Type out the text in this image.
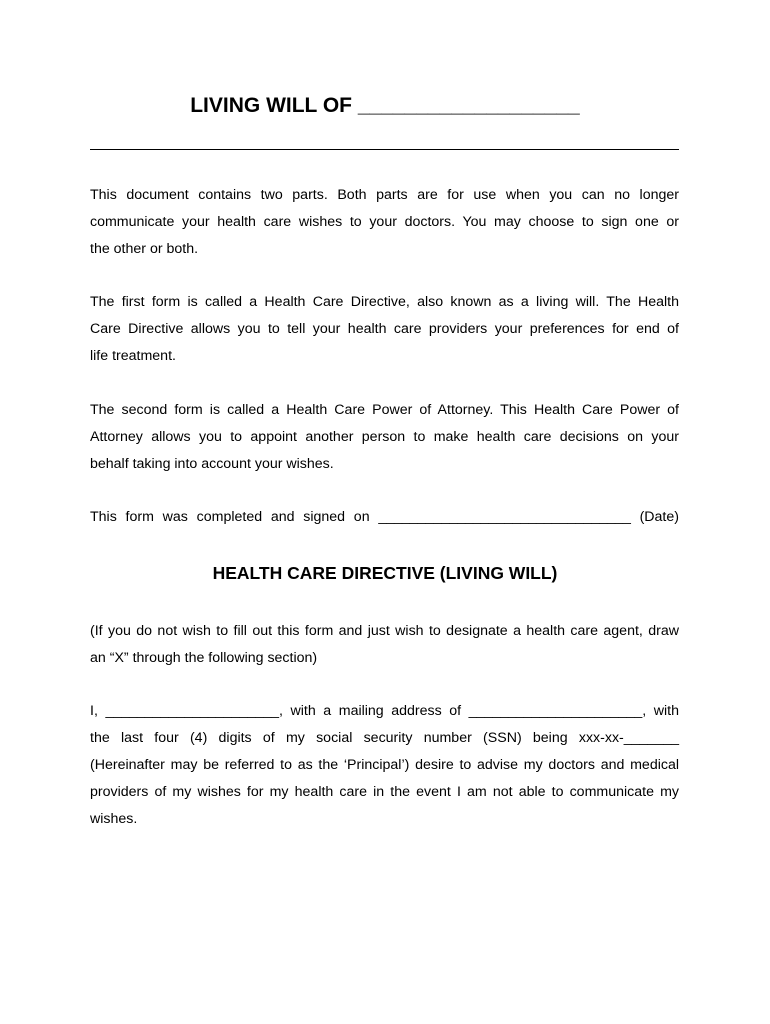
LIVING WILL OF ___________________

This document contains two parts. Both parts are for use when you can no longer
communicate your health care wishes to your doctors. You may choose to sign one or
the other or both.

The first form is called a Health Care Directive, also known as a living will. The Health
Care Directive allows you to tell your health care providers your preferences for end of
life treatment.

The second form is called a Health Care Power of Attorney. This Health Care Power of
Attorney allows you to appoint another person to make health care decisions on your
behalf taking into account your wishes.

This form was completed and signed on ________________________________ (Date)

HEALTH CARE DIRECTIVE (LIVING WILL)

(If you do not wish to fill out this form and just wish to designate a health care agent, draw
an “X” through the following section)

I, ______________________, with a mailing address of ______________________, with
the last four (4) digits of my social security number (SSN) being xxx-xx-_______
(Hereinafter may be referred to as the ‘Principal’) desire to advise my doctors and medical
providers of my wishes for my health care in the event I am not able to communicate my
wishes.
